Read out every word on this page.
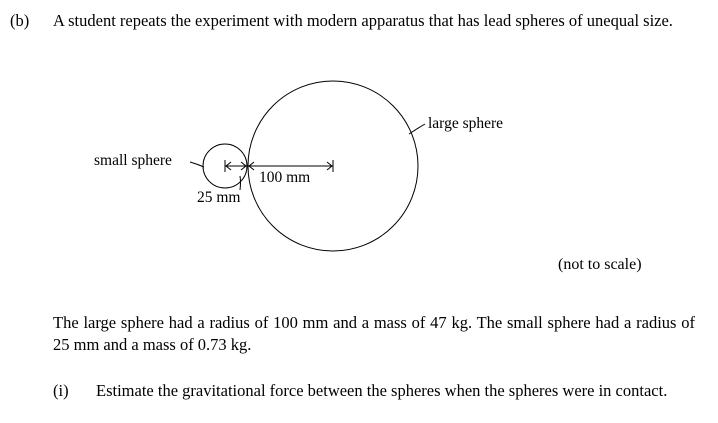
(b) A student repeats the experiment with modern apparatus that has lead spheres of unequal size.
small sphere
large sphere
25 mm
100 mm
(not to scale)
The large sphere had a radius of 100 mm and a mass of 47 kg. The small sphere had a radius of 25 mm and a mass of 0.73 kg.
(i) Estimate the gravitational force between the spheres when the spheres were in contact.
